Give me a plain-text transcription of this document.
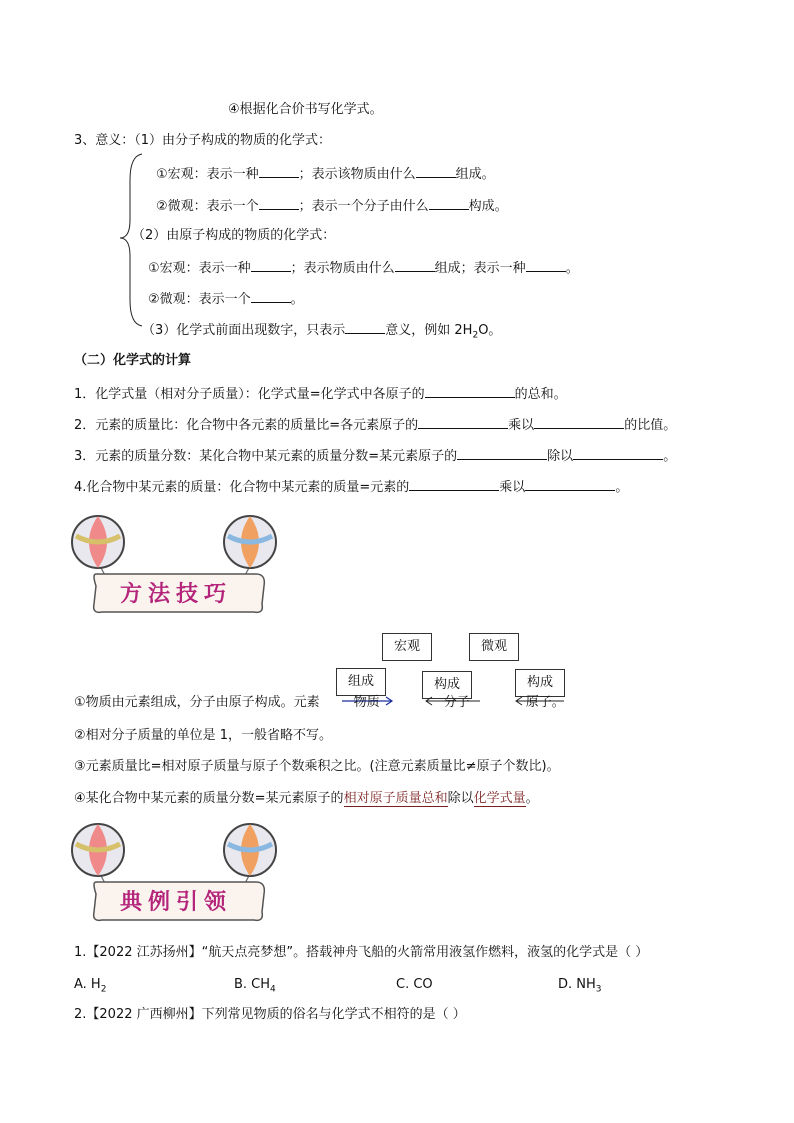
④根据化合价书写化学式。
3、意义：（1）由分子构成的物质的化学式：
①宏观：表示一种	；表示该物质由什么	组成。
②微观：表示一个	；表示一个分子由什么	构成。
（2）由原子构成的物质的化学式：
①宏观：表示一种	；表示物质由什么	组成；表示一种	。
②微观：表示一个	。
（3）化学式前面出现数字，只表示	意义，例如 $2H_2O$。
（二）化学式的计算
1．化学式量（相对分子质量）：化学式量=化学式中各原子的	的总和。
2．元素的质量比：化合物中各元素的质量比=各元素原子的	乘以	的比值。
3．元素的质量分数：某化合物中某元素的质量分数=某元素原子的	除以	。
4.化合物中某元素的质量：化合物中某元素的质量=元素的	乘以	。
方法技巧
宏观	微观
组成	构成	构成
①物质由元素组成，分子由原子构成。元素	物质	分子	原子。
②相对分子质量的单位是 1，一般省略不写。
③元素质量比=相对原子质量与原子个数乘积之比。(注意元素质量比≠原子个数比)。
④某化合物中某元素的质量分数=某元素原子的相对原子质量总和除以化学式量。
典例引领
1.【2022 江苏扬州】“航天点亮梦想”。搭载神舟飞船的火箭常用液氢作燃料，液氢的化学式是（ ）
A. $H_2$	B. $CH_4$	C. CO	D. $NH_3$
2.【2022 广西柳州】下列常见物质的俗名与化学式不相符的是（ ）
